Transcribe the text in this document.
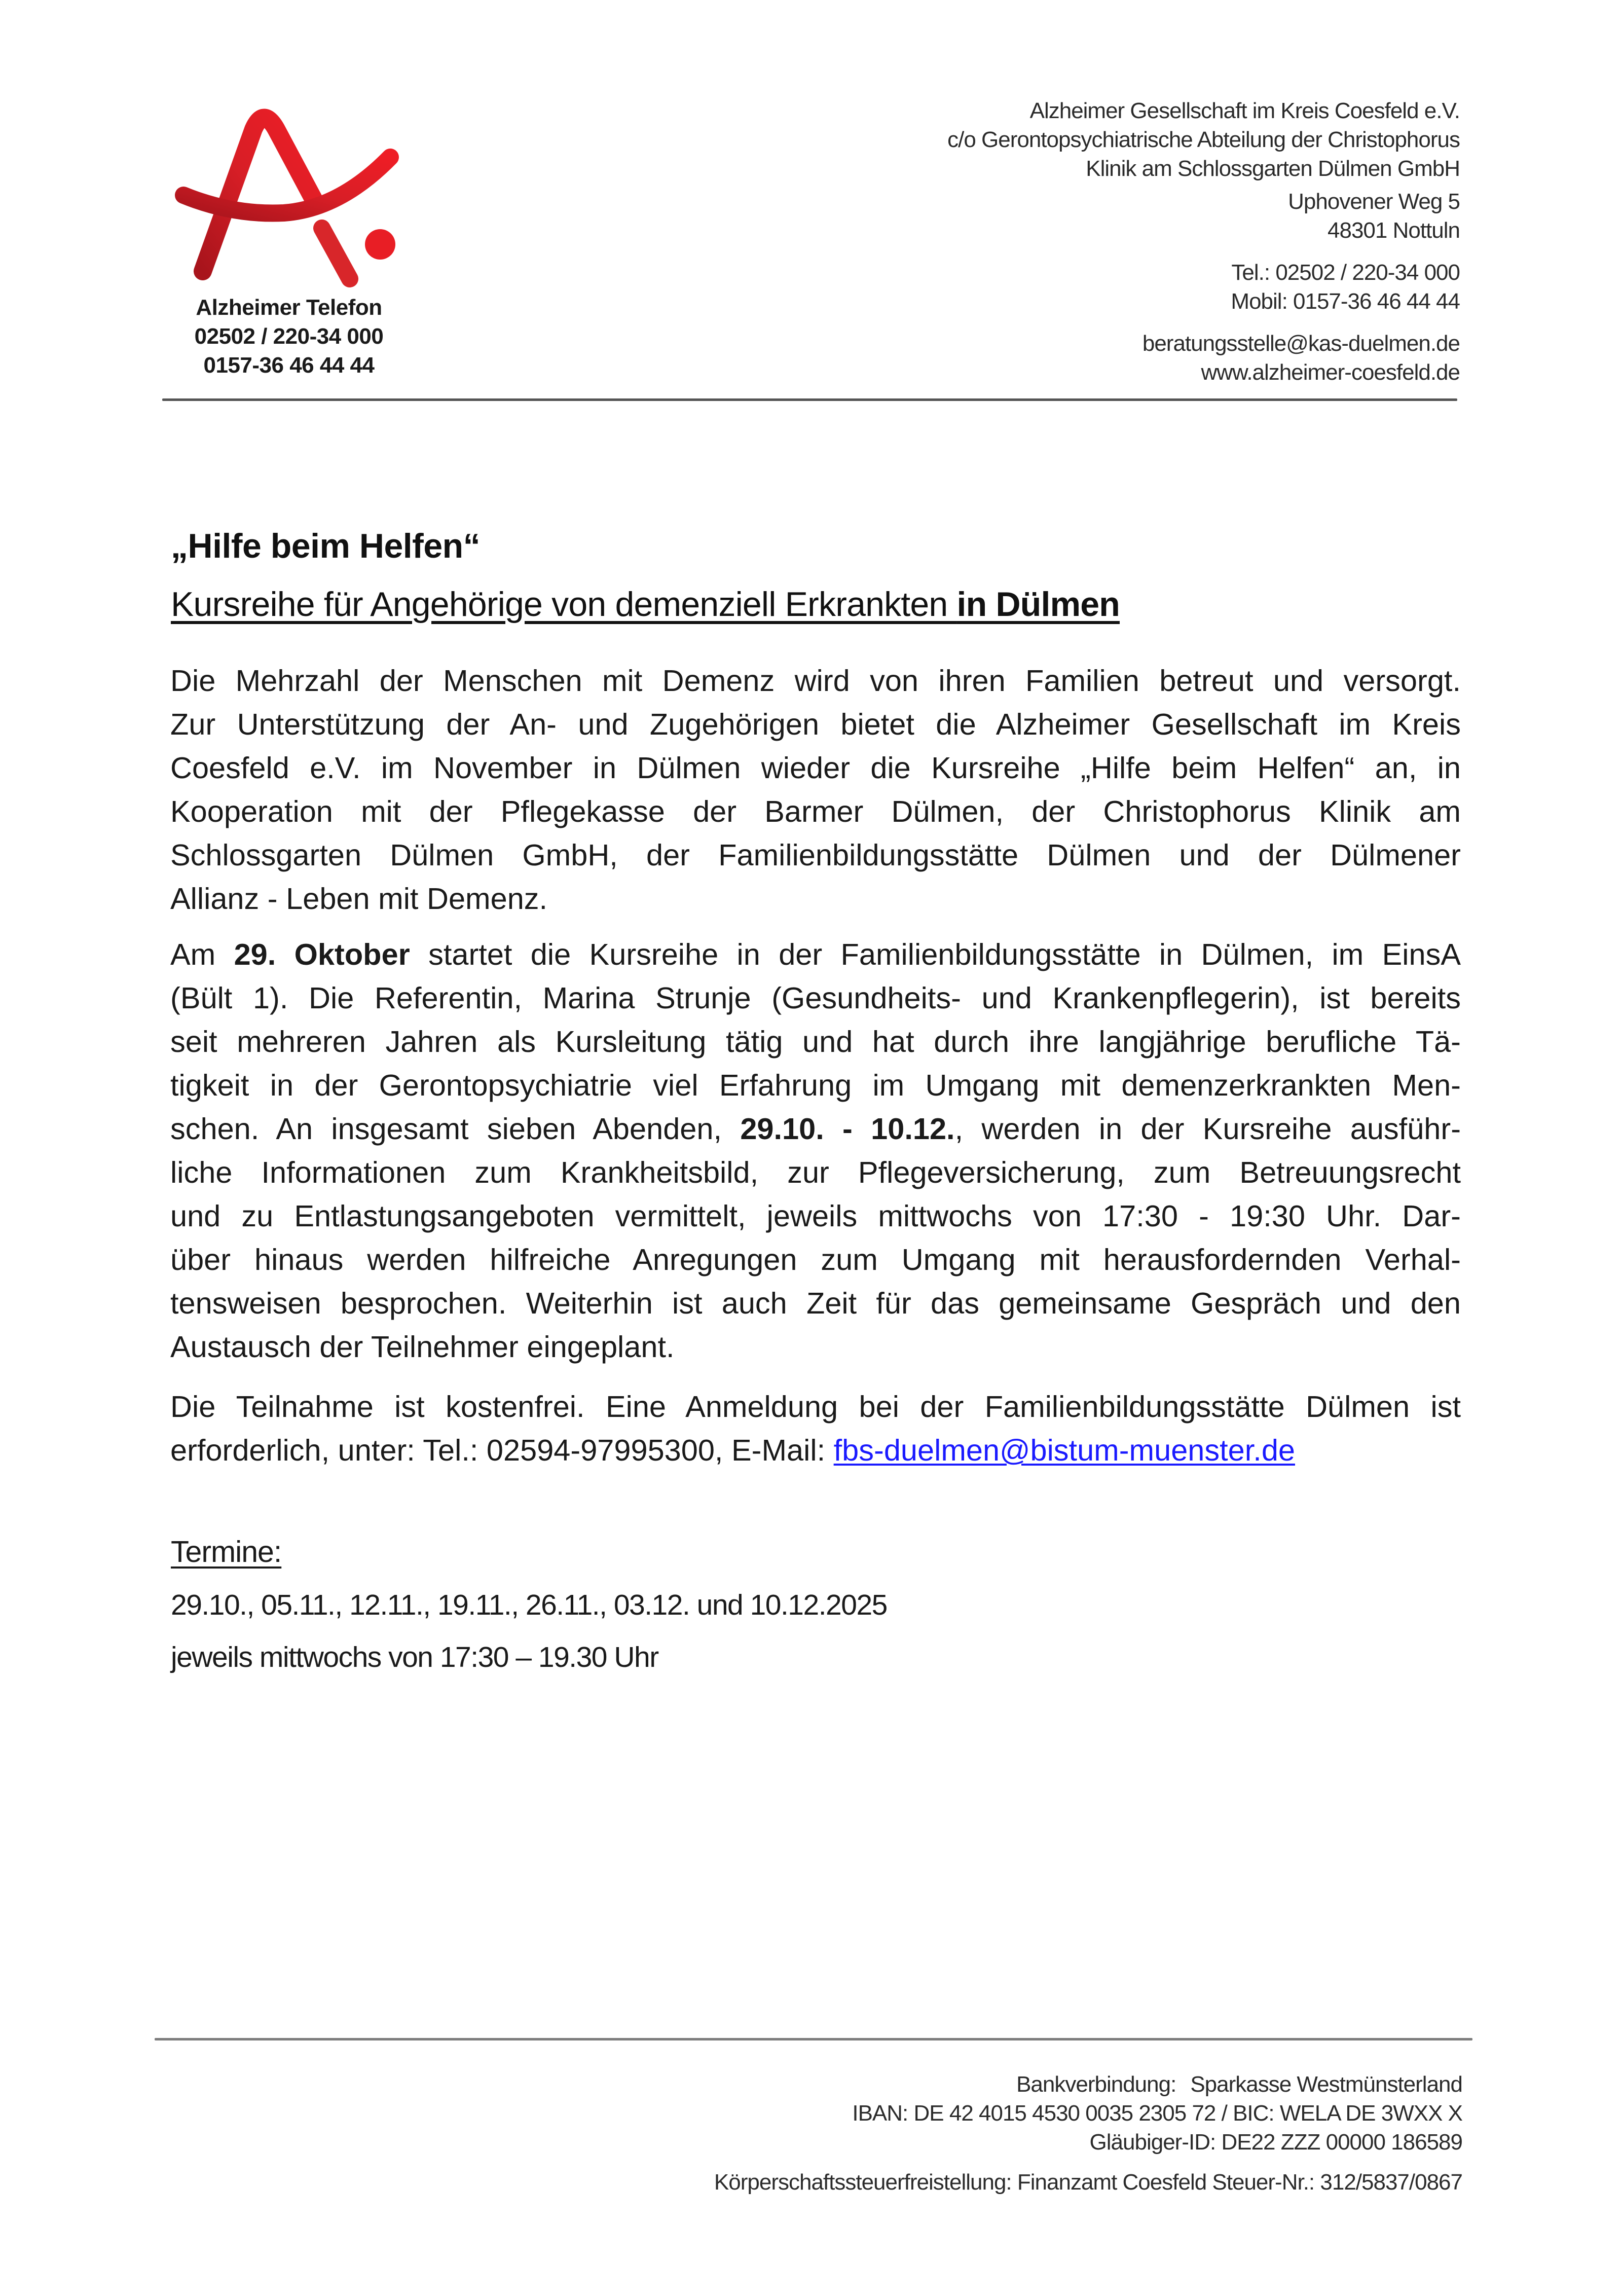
Alzheimer Telefon
02502 / 220-34 000
0157-36 46 44 44
Alzheimer Gesellschaft im Kreis Coesfeld e.V.
c/o Gerontopsychiatrische Abteilung der Christophorus
Klinik am Schlossgarten Dülmen GmbH
Uphovener Weg 5
48301 Nottuln
Tel.: 02502 / 220-34 000
Mobil: 0157-36 46 44 44
beratungsstelle@kas-duelmen.de
www.alzheimer-coesfeld.de
„Hilfe beim Helfen“
Kursreihe für Angehörige von demenziell Erkrankten in Dülmen
Die Mehrzahl der Menschen mit Demenz wird von ihren Familien betreut und versorgt.
Zur Unterstützung der An- und Zugehörigen bietet die Alzheimer Gesellschaft im Kreis
Coesfeld e.V. im November in Dülmen wieder die Kursreihe „Hilfe beim Helfen“ an, in
Kooperation mit der Pflegekasse der Barmer Dülmen, der Christophorus Klinik am
Schlossgarten Dülmen GmbH, der Familienbildungsstätte Dülmen und der Dülmener
Allianz - Leben mit Demenz.
Am 29. Oktober startet die Kursreihe in der Familienbildungsstätte in Dülmen, im EinsA
(Bült 1). Die Referentin, Marina Strunje (Gesundheits- und Krankenpflegerin), ist bereits
seit mehreren Jahren als Kursleitung tätig und hat durch ihre langjährige berufliche Tä-
tigkeit in der Gerontopsychiatrie viel Erfahrung im Umgang mit demenzerkrankten Men-
schen. An insgesamt sieben Abenden, 29.10. - 10.12., werden in der Kursreihe ausführ-
liche Informationen zum Krankheitsbild, zur Pflegeversicherung, zum Betreuungsrecht
und zu Entlastungsangeboten vermittelt, jeweils mittwochs von 17:30 - 19:30 Uhr. Dar-
über hinaus werden hilfreiche Anregungen zum Umgang mit herausfordernden Verhal-
tensweisen besprochen. Weiterhin ist auch Zeit für das gemeinsame Gespräch und den
Austausch der Teilnehmer eingeplant.
Die Teilnahme ist kostenfrei. Eine Anmeldung bei der Familienbildungsstätte Dülmen ist
erforderlich, unter: Tel.: 02594-97995300, E-Mail: fbs-duelmen@bistum-muenster.de
Termine:
29.10., 05.11., 12.11., 19.11., 26.11., 03.12. und 10.12.2025
jeweils mittwochs von 17:30 – 19.30 Uhr
Bankverbindung: Sparkasse Westmünsterland
IBAN: DE 42 4015 4530 0035 2305 72 / BIC: WELA DE 3WXX X
Gläubiger-ID: DE22 ZZZ 00000 186589
Körperschaftssteuerfreistellung: Finanzamt Coesfeld Steuer-Nr.: 312/5837/0867
